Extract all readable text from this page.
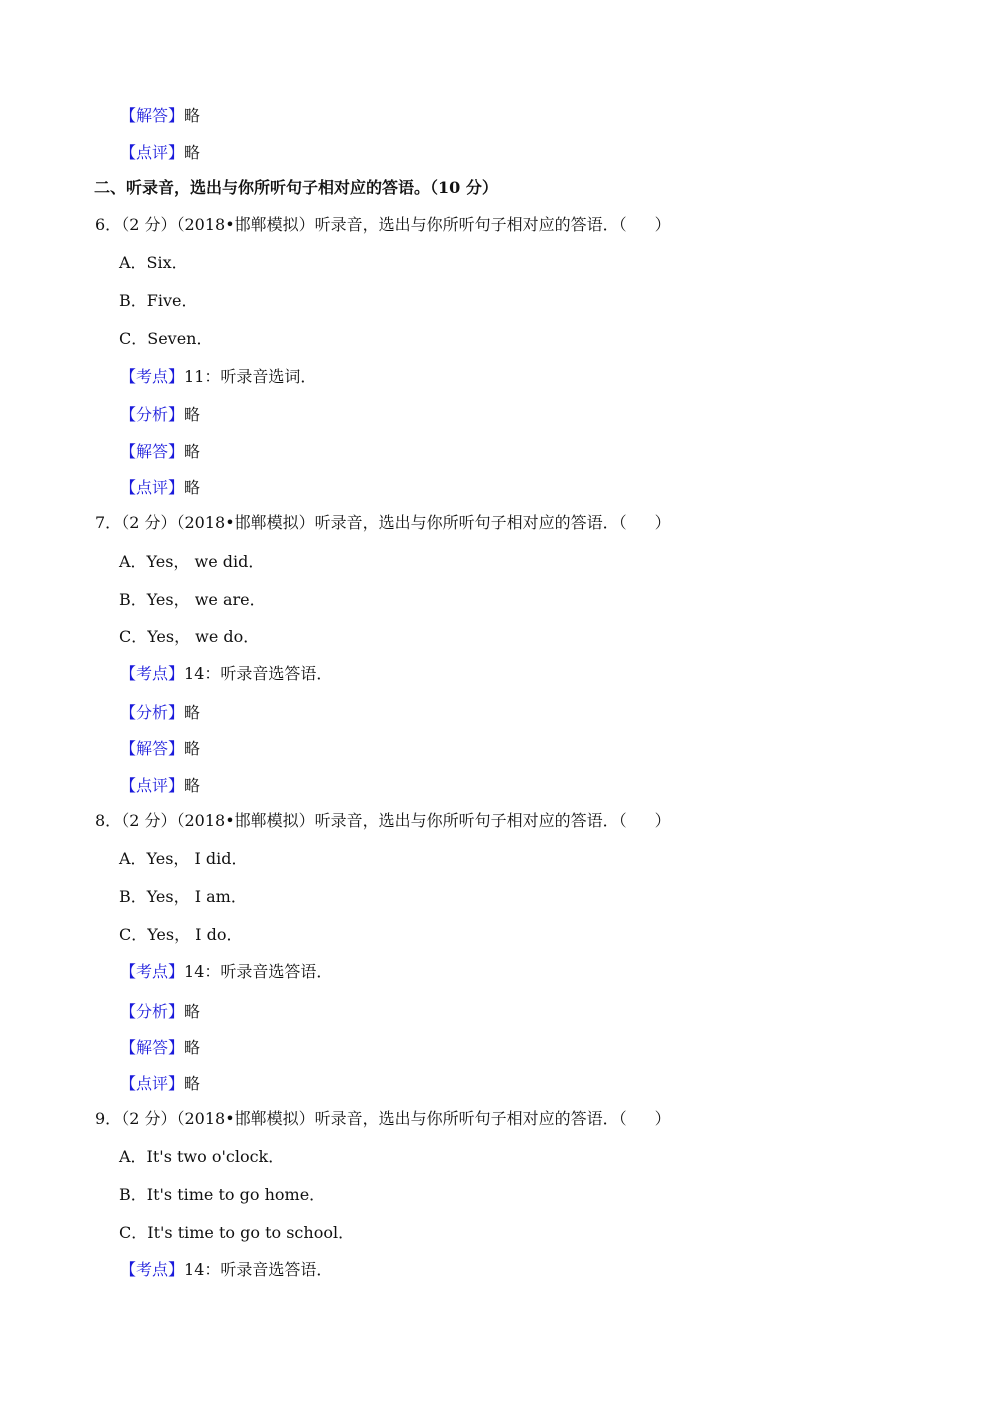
【解答】略
【点评】略
二、听录音，选出与你所听句子相对应的答语。（10 分）
6．（2 分）（2018•邯郸模拟）听录音，选出与你所听句子相对应的答语．（ ）
A．Six．
B．Five．
C．Seven．
【考点】11：听录音选词．
【分析】略
【解答】略
【点评】略
7．（2 分）（2018•邯郸模拟）听录音，选出与你所听句子相对应的答语．（ ）
A．Yes， we did．
B．Yes， we are．
C．Yes， we do．
【考点】14：听录音选答语．
【分析】略
【解答】略
【点评】略
8．（2 分）（2018•邯郸模拟）听录音，选出与你所听句子相对应的答语．（ ）
A．Yes， I did．
B．Yes， I am．
C．Yes， I do．
【考点】14：听录音选答语．
【分析】略
【解答】略
【点评】略
9．（2 分）（2018•邯郸模拟）听录音，选出与你所听句子相对应的答语．（ ）
A．It's two o'clock．
B．It's time to go home．
C．It's time to go to school．
【考点】14：听录音选答语．
